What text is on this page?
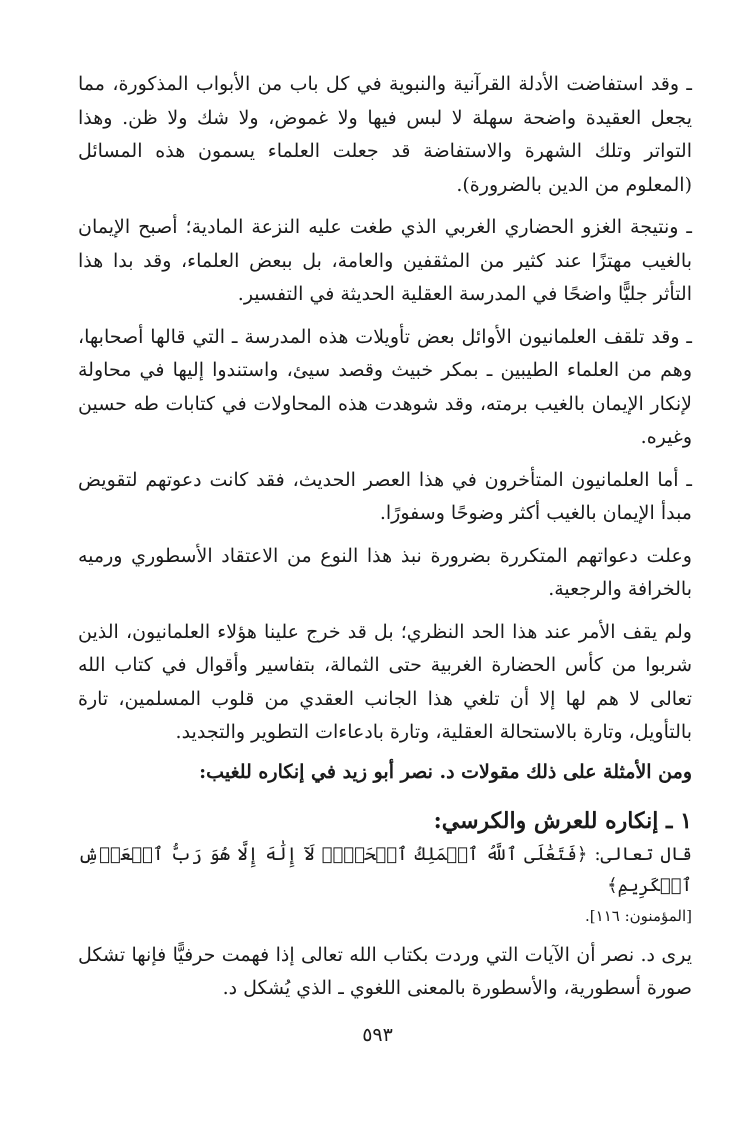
ـ وقد استفاضت الأدلة القرآنية والنبوية في كل باب من الأبواب المذكورة، مما يجعل العقيدة واضحة سهلة لا لبس فيها ولا غموض، ولا شك ولا ظن. وهذا التواتر وتلك الشهرة والاستفاضة قد جعلت العلماء يسمون هذه المسائل (المعلوم من الدين بالضرورة).

ـ ونتيجة الغزو الحضاري الغربي الذي طغت عليه النزعة المادية؛ أصبح الإيمان بالغيب مهتزًا عند كثير من المثقفين والعامة، بل ببعض العلماء، وقد بدا هذا التأثر جليًّا واضحًا في المدرسة العقلية الحديثة في التفسير.

ـ وقد تلقف العلمانيون الأوائل بعض تأويلات هذه المدرسة ـ التي قالها أصحابها، وهم من العلماء الطيبين ـ بمكر خبيث وقصد سيئ، واستندوا إليها في محاولة لإنكار الإيمان بالغيب برمته، وقد شوهدت هذه المحاولات في كتابات طه حسين وغيره.

ـ أما العلمانيون المتأخرون في هذا العصر الحديث، فقد كانت دعوتهم لتقويض مبدأ الإيمان بالغيب أكثر وضوحًا وسفورًا.

وعلت دعواتهم المتكررة بضرورة نبذ هذا النوع من الاعتقاد الأسطوري ورميه بالخرافة والرجعية.

ولم يقف الأمر عند هذا الحد النظري؛ بل قد خرج علينا هؤلاء العلمانيون، الذين شربوا من كأس الحضارة الغربية حتى الثمالة، بتفاسير وأقوال في كتاب الله تعالى لا هم لها إلا أن تلغي هذا الجانب العقدي من قلوب المسلمين، تارة بالتأويل، وتارة بالاستحالة العقلية، وتارة بادعاءات التطوير والتجديد.

ومن الأمثلة على ذلك مقولات د. نصر أبو زيد في إنكاره للغيب:

١ ـ إنكاره للعرش والكرسي:

قال تعالى: ﴿فَتَعَٰلَى ٱللَّهُ ٱلۡمَلِكُ ٱلۡحَقُّۖ لَآ إِلَٰهَ إِلَّا هُوَ رَبُّ ٱلۡعَرۡشِ ٱلۡكَرِيمِ﴾

[المؤمنون: ١١٦].

يرى د. نصر أن الآيات التي وردت بكتاب الله تعالى إذا فهمت حرفيًّا فإنها تشكل صورة أسطورية، والأسطورة بالمعنى اللغوي ـ الذي يُشكل د.

٥٩٣
